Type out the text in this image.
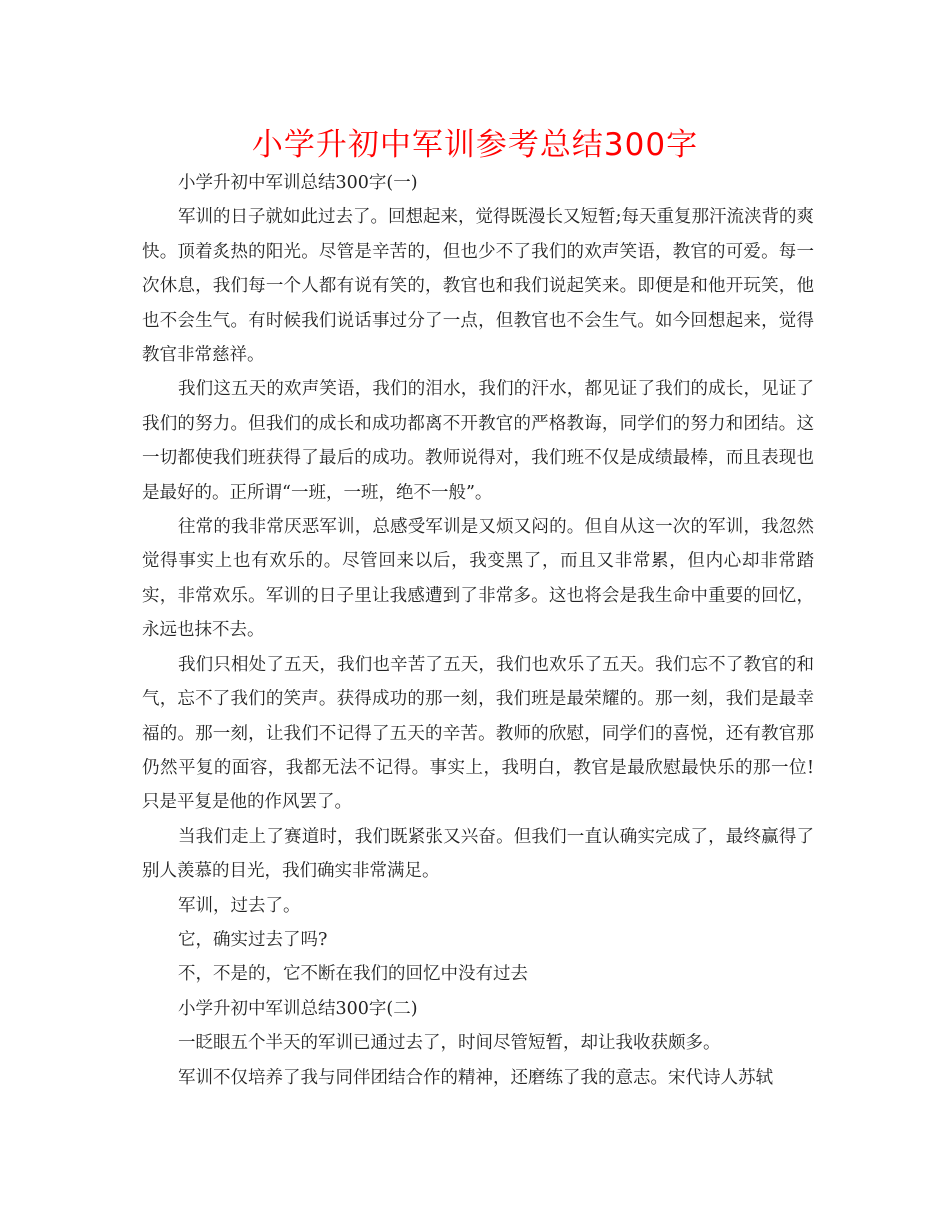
小学升初中军训参考总结300字

小学升初中军训总结300字(一)

军训的日子就如此过去了。回想起来，觉得既漫长又短暂;每天重复那汗流浃背的爽快。顶着炙热的阳光。尽管是辛苦的，但也少不了我们的欢声笑语，教官的可爱。每一次休息，我们每一个人都有说有笑的，教官也和我们说起笑来。即便是和他开玩笑，他也不会生气。有时候我们说话事过分了一点，但教官也不会生气。如今回想起来，觉得教官非常慈祥。

我们这五天的欢声笑语，我们的泪水，我们的汗水，都见证了我们的成长，见证了我们的努力。但我们的成长和成功都离不开教官的严格教诲，同学们的努力和团结。这一切都使我们班获得了最后的成功。教师说得对，我们班不仅是成绩最棒，而且表现也是最好的。正所谓“一班，一班，绝不一般”。

往常的我非常厌恶军训，总感受军训是又烦又闷的。但自从这一次的军训，我忽然觉得事实上也有欢乐的。尽管回来以后，我变黑了，而且又非常累，但内心却非常踏实，非常欢乐。军训的日子里让我感遭到了非常多。这也将会是我生命中重要的回忆，永远也抹不去。

我们只相处了五天，我们也辛苦了五天，我们也欢乐了五天。我们忘不了教官的和气，忘不了我们的笑声。获得成功的那一刻，我们班是最荣耀的。那一刻，我们是最幸福的。那一刻，让我们不记得了五天的辛苦。教师的欣慰，同学们的喜悦，还有教官那仍然平复的面容，我都无法不记得。事实上，我明白，教官是最欣慰最快乐的那一位!只是平复是他的作风罢了。

当我们走上了赛道时，我们既紧张又兴奋。但我们一直认确实完成了，最终赢得了别人羡慕的目光，我们确实非常满足。

军训，过去了。

它，确实过去了吗?

不，不是的，它不断在我们的回忆中没有过去

小学升初中军训总结300字(二)

一眨眼五个半天的军训已通过去了，时间尽管短暂，却让我收获颇多。

军训不仅培养了我与同伴团结合作的精神，还磨练了我的意志。宋代诗人苏轼
